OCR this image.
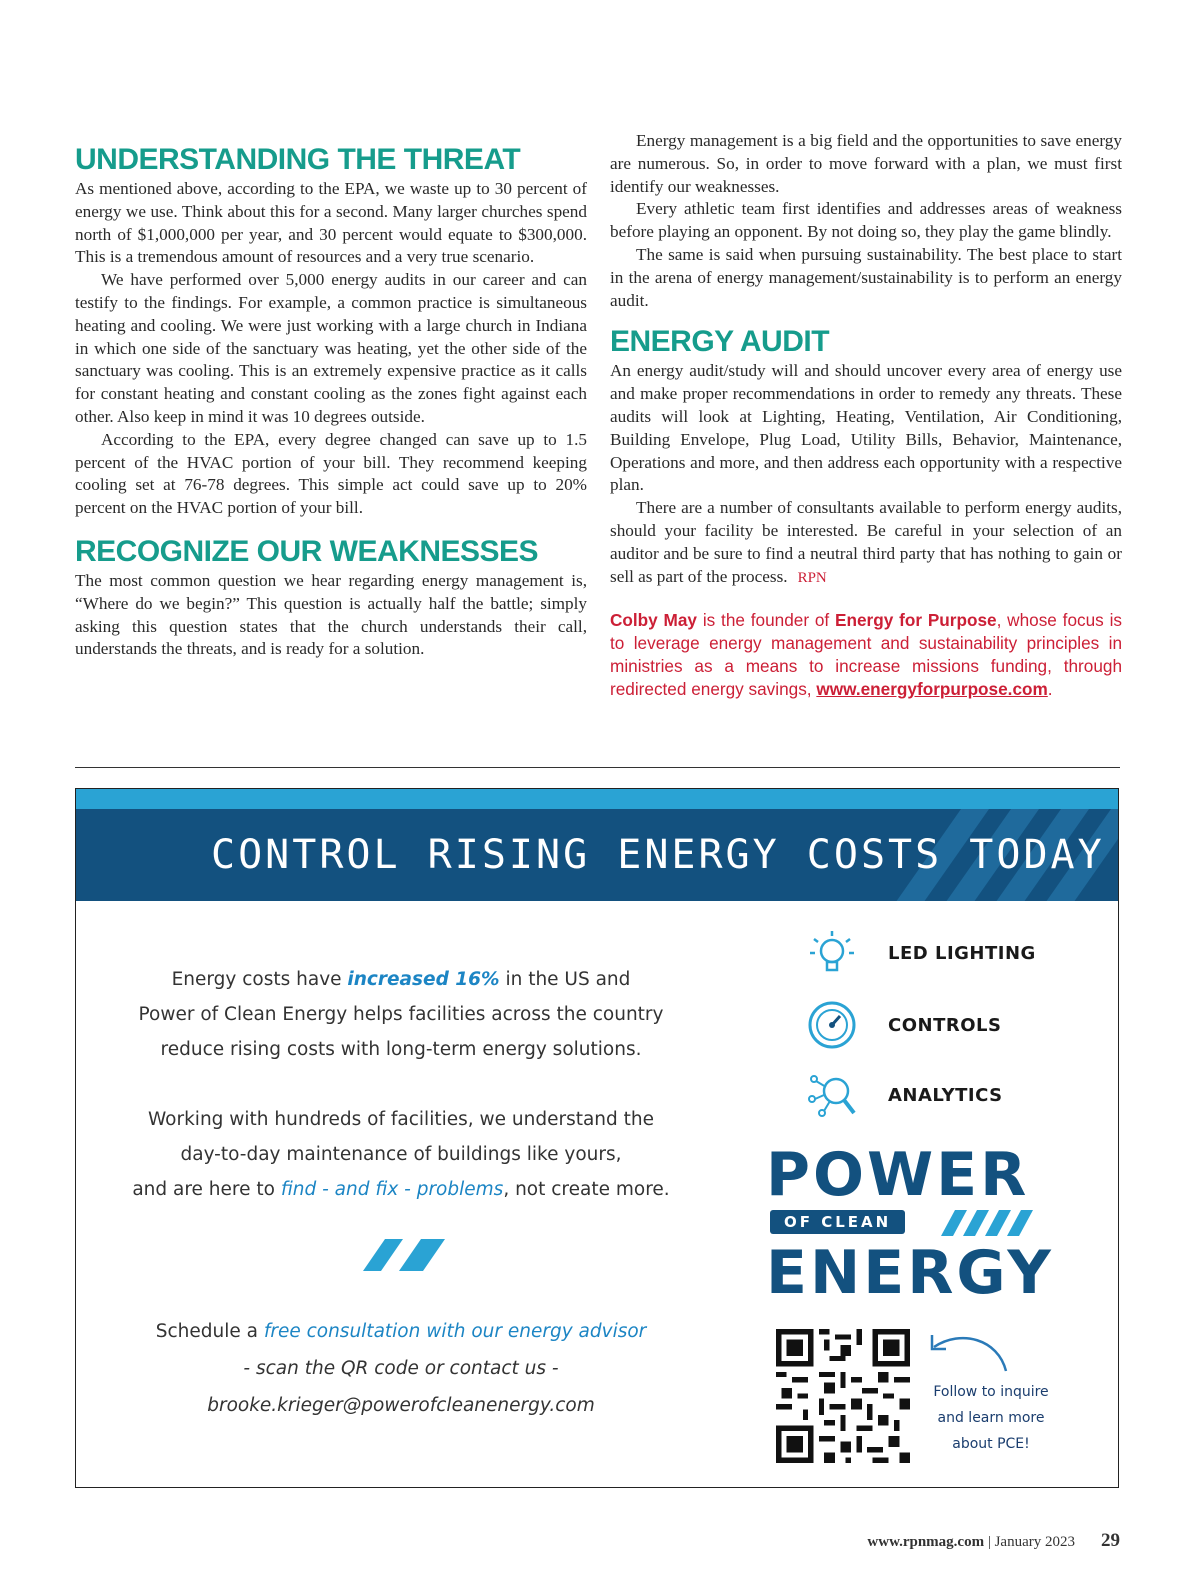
UNDERSTANDING THE THREAT

As mentioned above, according to the EPA, we waste up to 30 percent of energy we use. Think about this for a second. Many larger churches spend north of $1,000,000 per year, and 30 percent would equate to $300,000. This is a tremendous amount of resources and a very true scenario.

We have performed over 5,000 energy audits in our career and can testify to the findings. For example, a common practice is simultaneous heating and cooling. We were just working with a large church in Indiana in which one side of the sanctuary was heating, yet the other side of the sanctuary was cooling. This is an extremely expensive practice as it calls for constant heating and constant cooling as the zones fight against each other. Also keep in mind it was 10 degrees outside.

According to the EPA, every degree changed can save up to 1.5 percent of the HVAC portion of your bill. They recommend keeping cooling set at 76-78 degrees. This simple act could save up to 20% percent on the HVAC portion of your bill.

RECOGNIZE OUR WEAKNESSES

The most common question we hear regarding energy management is, “Where do we begin?” This question is actually half the battle; simply asking this question states that the church understands their call, understands the threats, and is ready for a solution.

Energy management is a big field and the opportunities to save energy are numerous. So, in order to move forward with a plan, we must first identify our weaknesses.

Every athletic team first identifies and addresses areas of weakness before playing an opponent. By not doing so, they play the game blindly.

The same is said when pursuing sustainability. The best place to start in the arena of energy management/sustainability is to perform an energy audit.

ENERGY AUDIT

An energy audit/study will and should uncover every area of energy use and make proper recommendations in order to remedy any threats. These audits will look at Lighting, Heating, Ventilation, Air Conditioning, Building Envelope, Plug Load, Utility Bills, Behavior, Maintenance, Operations and more, and then address each opportunity with a respective plan.

There are a number of consultants available to perform energy audits, should your facility be interested. Be careful in your selection of an auditor and be sure to find a neutral third party that has nothing to gain or sell as part of the process. RPN

Colby May is the founder of Energy for Purpose, whose focus is to leverage energy management and sustainability principles in ministries as a means to increase missions funding, through redirected energy savings, www.energyforpurpose.com.

CONTROL RISING ENERGY COSTS TODAY
Energy costs have increased 16% in the US and
Power of Clean Energy helps facilities across the country
reduce rising costs with long-term energy solutions.
Working with hundreds of facilities, we understand the
day-to-day maintenance of buildings like yours,
and are here to find - and fix - problems, not create more.
Schedule a free consultation with our energy advisor
- scan the QR code or contact us -
brooke.krieger@powerofcleanenergy.com
LED LIGHTING
CONTROLS
ANALYTICS
POWER
OF CLEAN
ENERGY
Follow to inquire
and learn more
about PCE!
www.rpnmag.com | January 2023 29
